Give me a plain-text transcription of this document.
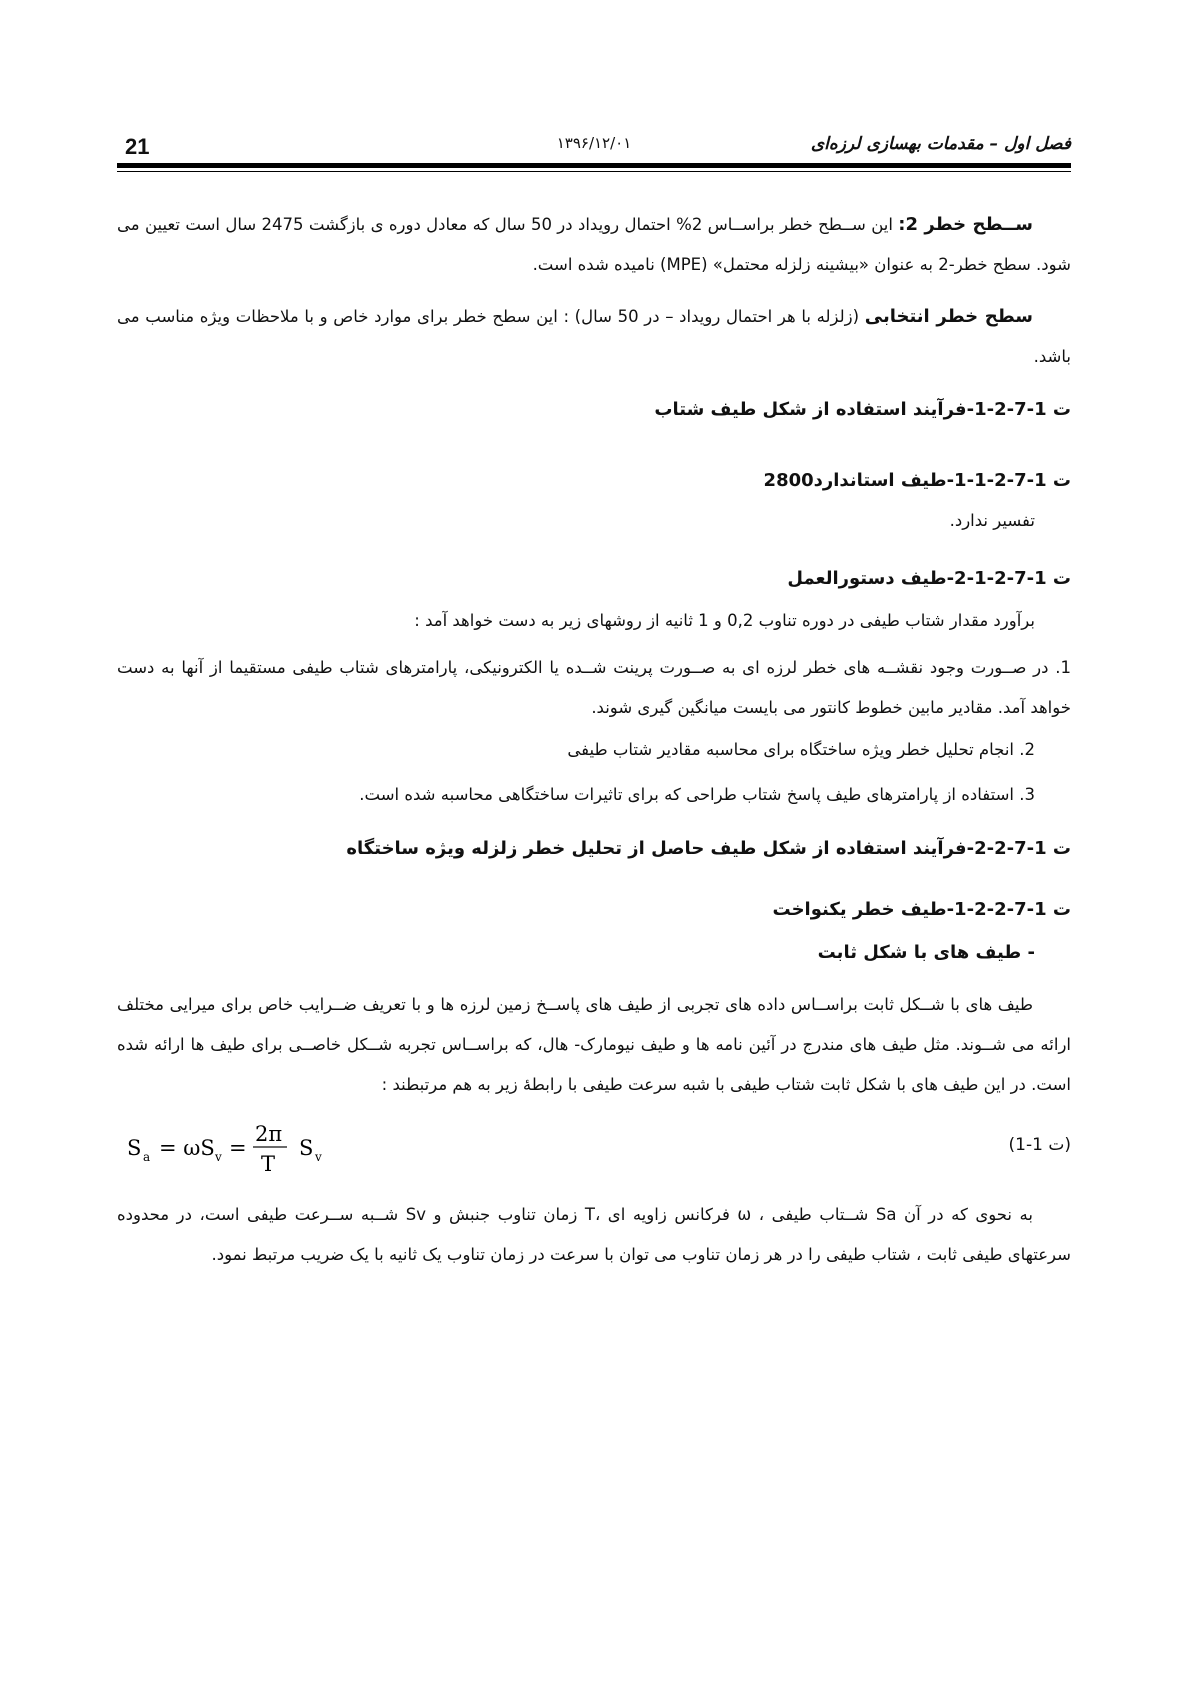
فصل اول – مقدمات بهسازی لرزه‌ای
۱۳۹۶/۱۲/۰۱
21

ســطح خطر 2: این ســطح خطر براســاس 2% احتمال رویداد در 50 سال که معادل دوره ی بازگشت 2475 سال است تعیین می شود. سطح خطر-2 به عنوان «بیشینه زلزله محتمل» (MPE) نامیده شده است.

سطح خطر انتخابی (زلزله با هر احتمال رویداد – در 50 سال) : این سطح خطر برای موارد خاص و با ملاحظات ویژه مناسب می باشد.

ت 1-7-2-1-فرآیند استفاده از شکل طیف شتاب
ت 1-7-2-1-1-طیف استاندارد2800

تفسیر ندارد.

ت 1-7-2-1-2-طیف دستورالعمل

برآورد مقدار شتاب طیفی در دوره تناوب 0,2 و 1 ثانیه از روشهای زیر به دست خواهد آمد :

1. در صــورت وجود نقشــه های خطر لرزه ای به صــورت پرینت شــده یا الکترونیکی، پارامترهای شتاب طیفی مستقیما از آنها به دست خواهد آمد. مقادیر مابین خطوط کانتور می بایست میانگین گیری شوند.

2. انجام تحلیل خطر ویژه ساختگاه برای محاسبه مقادیر شتاب طیفی

3. استفاده از پارامترهای طیف پاسخ شتاب طراحی که برای تاثیرات ساختگاهی محاسبه شده است.

ت 1-7-2-2-فرآیند استفاده از شکل طیف حاصل از تحلیل خطر زلزله ویژه ساختگاه
ت 1-7-2-2-1-طیف خطر یکنواخت
- طیف های با شکل ثابت

طیف های با شــکل ثابت براســاس داده های تجربی از طیف های پاســخ زمین لرزه ها و با تعریف ضــرایب خاص برای میرایی مختلف ارائه می شــوند. مثل طیف های مندرج در آئین نامه ها و طیف نیومارک- هال، که براســاس تجربه شــکل خاصــی برای طیف ها ارائه شده است. در این طیف های با شکل ثابت شتاب طیفی با شبه سرعت طیفی با رابطهٔ زیر به هم مرتبطند :

(ت 1-1)
S a = ωS v =
2π
T
S v

به نحوی که در آن Sa شــتاب طیفی ، ω فرکانس زاویه ای ،T زمان تناوب جنبش و Sv شــبه ســرعت طیفی است، در محدوده سرعتهای طیفی ثابت ، شتاب طیفی را در هر زمان تناوب می توان با سرعت در زمان تناوب یک ثانیه با یک ضریب مرتبط نمود.
